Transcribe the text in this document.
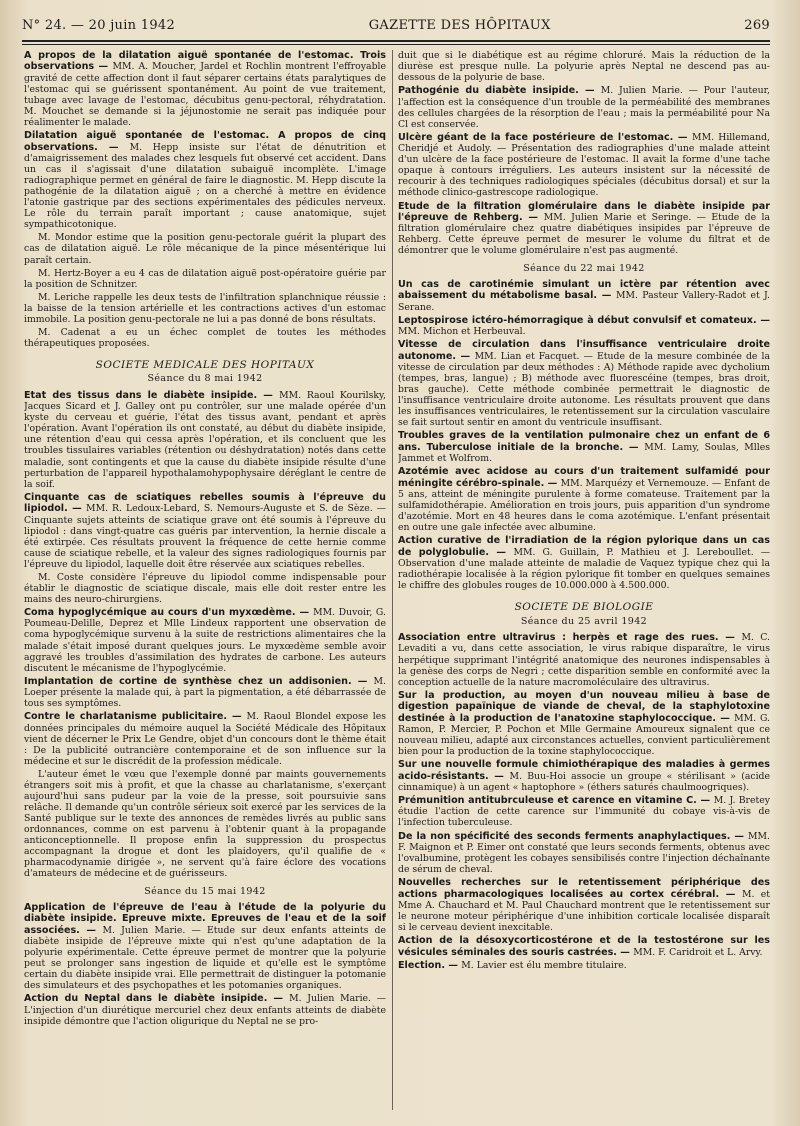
N° 24. — 20 juin 1942	GAZETTE DES HÔPITAUX	269

A propos de la dilatation aiguë spontanée de l'estomac. Trois observations — MM. A. Moucher, Jardel et Rochlin montrent l'effroyable gravité de cette affection dont il faut séparer certains états paralytiques de l'estomac qui se guérissent spontanément. Au point de vue traitement, tubage avec lavage de l'estomac, décubitus genu-pectoral, réhydratation. M. Mouchet se demande si la jéjunostomie ne serait pas indiquée pour réalimenter le malade.

Dilatation aiguë spontanée de l'estomac. A propos de cinq observations. — M. Hepp insiste sur l'état de dénutrition et d'amaigrissement des malades chez lesquels fut observé cet accident. Dans un cas il s'agissait d'une dilatation subaiguë incomplète. L'image radiographique permet en général de faire le diagnostic. M. Hepp discute la pathogénie de la dilatation aiguë ; on a cherché à mettre en évidence l'atonie gastrique par des sections expérimentales des pédicules nerveux. Le rôle du terrain paraît important ; cause anatomique, sujet sympathicotonique.

M. Mondor estime que la position genu-pectorale guérit la plupart des cas de dilatation aiguë. Le rôle mécanique de la pince mésentérique lui paraît certain.

M. Hertz-Boyer a eu 4 cas de dilatation aiguë post-opératoire guérie par la position de Schnitzer.

M. Leriche rappelle les deux tests de l'infiltration splanchnique réussie : la baisse de la tension artérielle et les contractions actives d'un estomac immobile. La position genu-pectorale ne lui a pas donné de bons résultats.

M. Cadenat a eu un échec complet de toutes les méthodes thérapeutiques proposées.

SOCIETE MEDICALE DES HOPITAUX
Séance du 8 mai 1942

Etat des tissus dans le diabète insipide. — MM. Raoul Kourilsky, Jacques Sicard et J. Galley ont pu contrôler, sur une malade opérée d'un kyste du cerveau et guérie, l'état des tissus avant, pendant et après l'opération. Avant l'opération ils ont constaté, au début du diabète insipide, une rétention d'eau qui cessa après l'opération, et ils concluent que les troubles tissulaires variables (rétention ou déshydratation) notés dans cette maladie, sont contingents et que la cause du diabète insipide résulte d'une perturbation de l'appareil hypothalamohypophysaire déréglant le centre de la soif.

Cinquante cas de sciatiques rebelles soumis à l'épreuve du lipiodol. — MM. R. Ledoux-Lebard, S. Nemours-Auguste et S. de Sèze. — Cinquante sujets atteints de sciatique grave ont été soumis à l'épreuve du lipiodol : dans vingt-quatre cas guéris par intervention, la hernie discale a été extirpée. Ces résultats prouvent la fréquence de cette hernie comme cause de sciatique rebelle, et la valeur des signes radiologiques fournis par l'épreuve du lipiodol, laquelle doit être réservée aux sciatiques rebelles.

M. Coste considère l'épreuve du lipiodol comme indispensable pour établir le diagnostic de sciatique discale, mais elle doit rester entre les mains des neuro-chirurgiens.

Coma hypoglycémique au cours d'un myxœdème. — MM. Duvoir, G. Poumeau-Delille, Deprez et Mlle Lindeux rapportent une observation de coma hypoglycémique survenu à la suite de restrictions alimentaires che la malade s'était imposé durant quelques jours. Le myxœdème semble avoir aggravé les troubles d'assimilation des hydrates de carbone. Les auteurs discutent le mécanisme de l'hypoglycémie.

Implantation de cortine de synthèse chez un addisonien. — M. Loeper présente la malade qui, à part la pigmentation, a été débarrassée de tous ses symptômes.

Contre le charlatanisme publicitaire. — M. Raoul Blondel expose les données principales du mémoire auquel la Société Médicale des Hôpitaux vient de décerner le Prix Le Gendre, objet d'un concours dont le thème était : De la publicité outrancière contemporaine et de son influence sur la médecine et sur le discrédit de la profession médicale.

L'auteur émet le vœu que l'exemple donné par maints gouvernements étrangers soit mis à profit, et que la chasse au charlatanisme, s'exerçant aujourd'hui sans pudeur par la voie de la presse, soit poursuivie sans relâche. Il demande qu'un contrôle sérieux soit exercé par les services de la Santé publique sur le texte des annonces de remèdes livrés au public sans ordonnances, comme on est parvenu à l'obtenir quant à la propagande anticonceptionnelle. Il propose enfin la suppression du prospectus accompagnant la drogue et dont les plaidoyers, qu'il qualifie de « pharmacodynamie dirigée », ne servent qu'à faire éclore des vocations d'amateurs de médecine et de guérisseurs.

Séance du 15 mai 1942

Application de l'épreuve de l'eau à l'étude de la polyurie du diabète insipide. Epreuve mixte. Epreuves de l'eau et de la soif associées. — M. Julien Marie. — Etude sur deux enfants atteints de diabète insipide de l'épreuve mixte qui n'est qu'une adaptation de la polyurie expérimentale. Cette épreuve permet de montrer que la polyurie peut se prolonger sans ingestion de liquide et qu'elle est le symptôme certain du diabète insipide vrai. Elle permettrait de distinguer la potomanie des simulateurs et des psychopathes et les potomanies organiques.

Action du Neptal dans le diabète insipide. — M. Julien Marie. — L'injection d'un diurétique mercuriel chez deux enfants atteints de diabète insipide démontre que l'action oligurique du Neptal ne se pro-

duit que si le diabétique est au régime chloruré. Mais la réduction de la diurèse est presque nulle. La polyurie après Neptal ne descend pas au-dessous de la polyurie de base.

Pathogénie du diabète insipide. — M. Julien Marie. — Pour l'auteur, l'affection est la conséquence d'un trouble de la perméabilité des membranes des cellules chargées de la résorption de l'eau ; mais la perméabilité pour Na Cl est conservée.

Ulcère géant de la face postérieure de l'estomac. — MM. Hillemand, Cheridjé et Audoly. — Présentation des radiographies d'une malade atteint d'un ulcère de la face postérieure de l'estomac. Il avait la forme d'une tache opaque à contours irréguliers. Les auteurs insistent sur la nécessité de recourir à des techniques radiologiques spéciales (décubitus dorsal) et sur la méthode clinico-gastrescope radiologique.

Etude de la filtration glomérulaire dans le diabète insipide par l'épreuve de Rehberg. — MM. Julien Marie et Seringe. — Etude de la filtration glomérulaire chez quatre diabétiques insipides par l'épreuve de Rehberg. Cette épreuve permet de mesurer le volume du filtrat et de démontrer que le volume glomérulaire n'est pas augmenté.

Séance du 22 mai 1942

Un cas de carotinémie simulant un ictère par rétention avec abaissement du métabolisme basal. — MM. Pasteur Vallery-Radot et J. Serane.

Leptospirose ictéro-hémorragique à début convulsif et comateux. —MM. Michon et Herbeuval.

Vitesse de circulation dans l'insuffisance ventriculaire droite autonome. — MM. Lian et Facquet. — Etude de la mesure combinée de la vitesse de circulation par deux méthodes : A) Méthode rapide avec dycholium (tempes, bras, langue) ; B) méthode avec fluorescéine (tempes, bras droit, bras gauche). Cette méthode combinée permettrait le diagnostic de l'insuffisance ventriculaire droite autonome. Les résultats prouvent que dans les insuffisances ventriculaires, le retentissement sur la circulation vasculaire se fait surtout sentir en amont du ventricule insuffisant.

Troubles graves de la ventilation pulmonaire chez un enfant de 6 ans. Tuberculose initiale de la bronche. — MM. Lamy, Soulas, Mlles Jammet et Wolfrom.

Azotémie avec acidose au cours d'un traitement sulfamidé pour méningite cérébro-spinale. — MM. Marquézy et Vernemouze. — Enfant de 5 ans, atteint de méningite purulente à forme comateuse. Traitement par la sulfamidothérapie. Amélioration en trois jours, puis apparition d'un syndrome d'azotémie. Mort en 48 heures dans le coma azotémique. L'enfant présentait en outre une gale infectée avec albumine.

Action curative de l'irradiation de la région pylorique dans un cas de polyglobulie. — MM. G. Guillain, P. Mathieu et J. Lereboullet. — Observation d'une malade atteinte de maladie de Vaquez typique chez qui la radiothérapie localisée à la région pylorique fit tomber en quelques semaines le chiffre des globules rouges de 10.000.000 à 4.500.000.

SOCIETE DE BIOLOGIE
Séance du 25 avril 1942

Association entre ultravirus : herpès et rage des rues. — M. C. Levaditi a vu, dans cette association, le virus rabique disparaître, le virus herpétique supprimant l'intégrité anatomique des neurones indispensables à la genèse des corps de Negri ; cette disparition semble en conformité avec la conception actuelle de la nature macromoléculaire des ultravirus.

Sur la production, au moyen d'un nouveau milieu à base de digestion papaïnique de viande de cheval, de la staphylotoxine destinée à la production de l'anatoxine staphylococcique. — MM. G. Ramon, P. Mercier, P. Pochon et Mlle Germaine Amoureux signalent que ce nouveau milieu, adapté aux circonstances actuelles, convient particulièrement bien pour la production de la toxine staphylococcique.

Sur une nouvelle formule chimiothérapique des maladies à germes acido-résistants. — M. Buu-Hoi associe un groupe « stérilisant » (acide cinnamique) à un agent « haptophore » (éthers saturés chaulmoogriques).

Prémunition antitubrculeuse et carence en vitamine C. — M. J. Bretey étudie l'action de cette carence sur l'immunité du cobaye vis-à-vis de l'infection tuberculeuse.

De la non spécificité des seconds ferments anaphylactiques. — MM. F. Maignon et P. Eimer ont constaté que leurs seconds ferments, obtenus avec l'ovalbumine, protègent les cobayes sensibilisés contre l'injection déchaînante de sérum de cheval.

Nouvelles recherches sur le retentissement périphérique des actions pharmacologiques localisées au cortex cérébral. — M. et Mme A. Chauchard et M. Paul Chauchard montrent que le retentissement sur le neurone moteur périphérique d'une inhibition corticale localisée disparaît si le cerveau devient inexcitable.

Action de la désoxycorticostérone et de la testostérone sur les vésicules séminales des souris castrées. — MM. F. Caridroit et L. Arvy.

Election. — M. Lavier est élu membre titulaire.
